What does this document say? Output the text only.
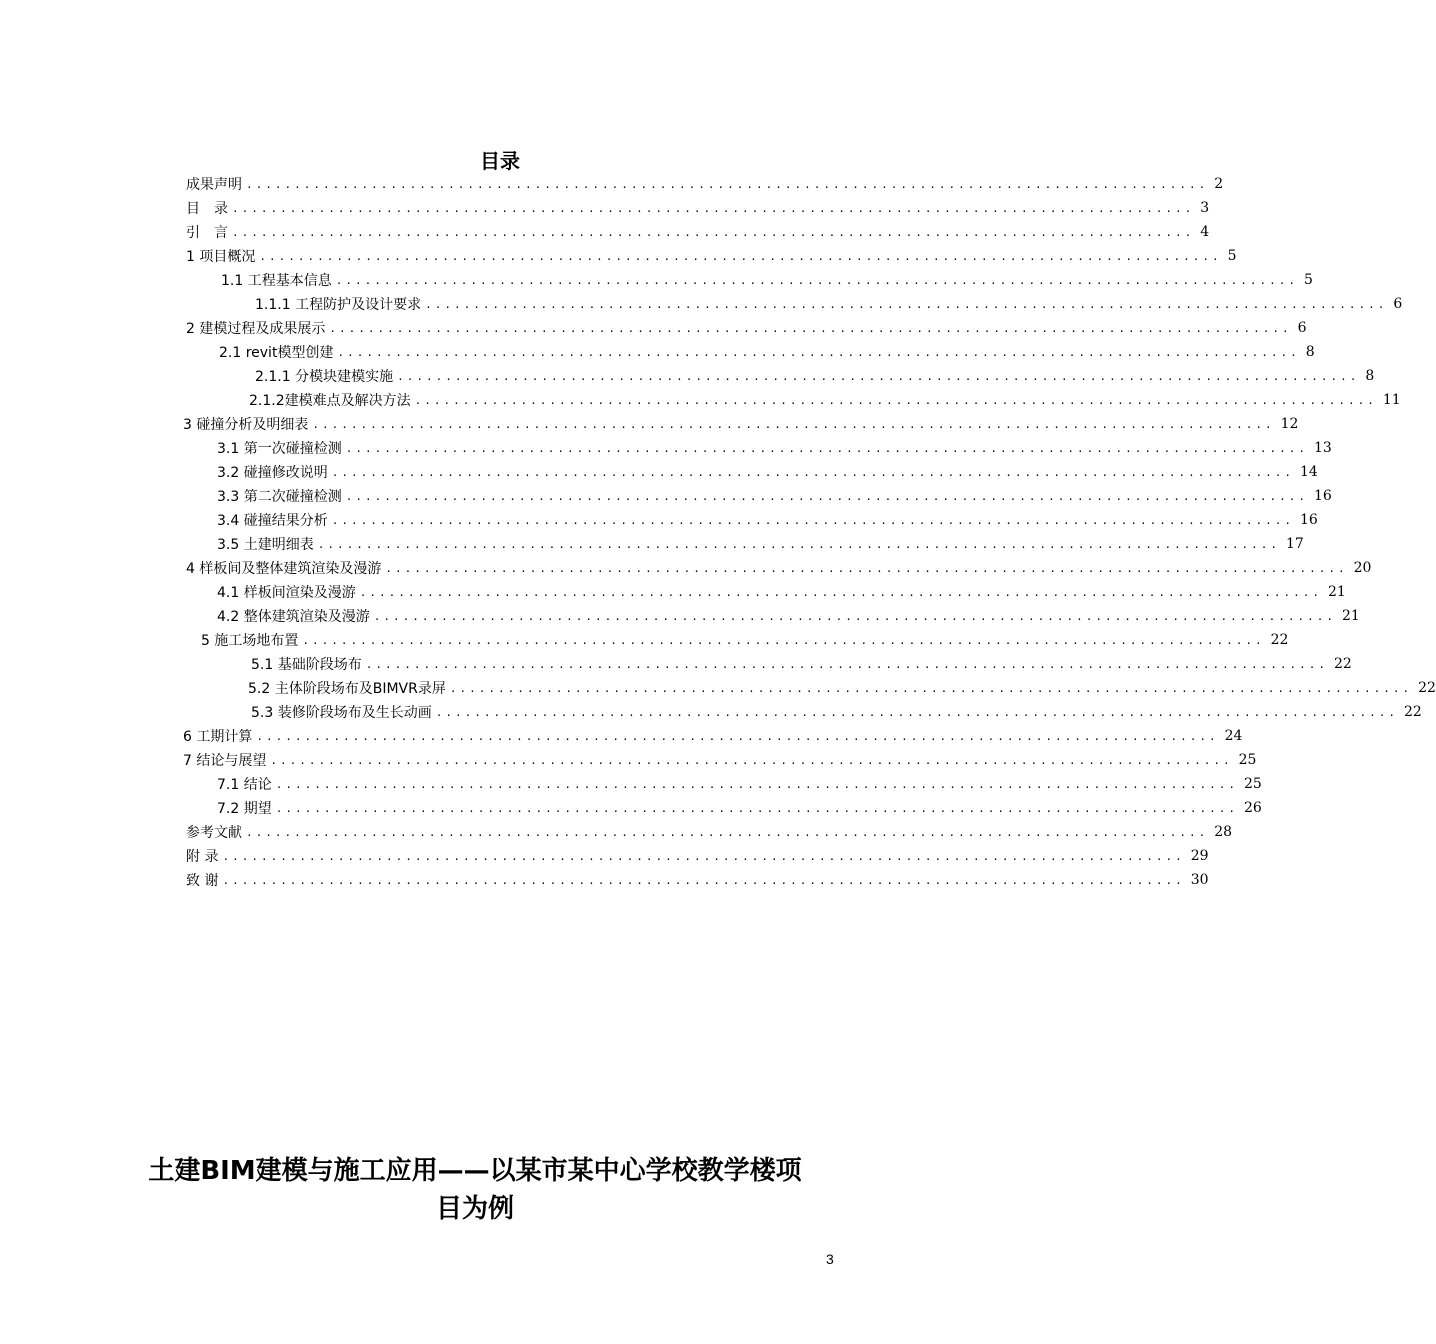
目录
成果声明 .................................................................................................... 2
目　录 .................................................................................................... 3
引　言 .................................................................................................... 4
1 项目概况 .................................................................................................... 5
1.1 工程基本信息 .................................................................................................... 5
1.1.1 工程防护及设计要求 .................................................................................................... 6
2 建模过程及成果展示 .................................................................................................... 6
2.1 revit模型创建 .................................................................................................... 8
2.1.1 分模块建模实施 .................................................................................................... 8
2.1.2建模难点及解决方法 .................................................................................................... 11
3 碰撞分析及明细表 .................................................................................................... 12
3.1 第一次碰撞检测 .................................................................................................... 13
3.2 碰撞修改说明 .................................................................................................... 14
3.3 第二次碰撞检测 .................................................................................................... 16
3.4 碰撞结果分析 .................................................................................................... 16
3.5 土建明细表 .................................................................................................... 17
4 样板间及整体建筑渲染及漫游 .................................................................................................... 20
4.1 样板间渲染及漫游 .................................................................................................... 21
4.2 整体建筑渲染及漫游 .................................................................................................... 21
5 施工场地布置 .................................................................................................... 22
5.1 基础阶段场布 .................................................................................................... 22
5.2 主体阶段场布及BIMVR录屏 .................................................................................................... 22
5.3 装修阶段场布及生长动画 .................................................................................................... 22
6 工期计算 .................................................................................................... 24
7 结论与展望 .................................................................................................... 25
7.1 结论 .................................................................................................... 25
7.2 期望 .................................................................................................... 26
参考文献 .................................................................................................... 28
附 录 .................................................................................................... 29
致 谢 .................................................................................................... 30
土建BIM建模与施工应用——以某市某中心学校教学楼项
目为例
3
